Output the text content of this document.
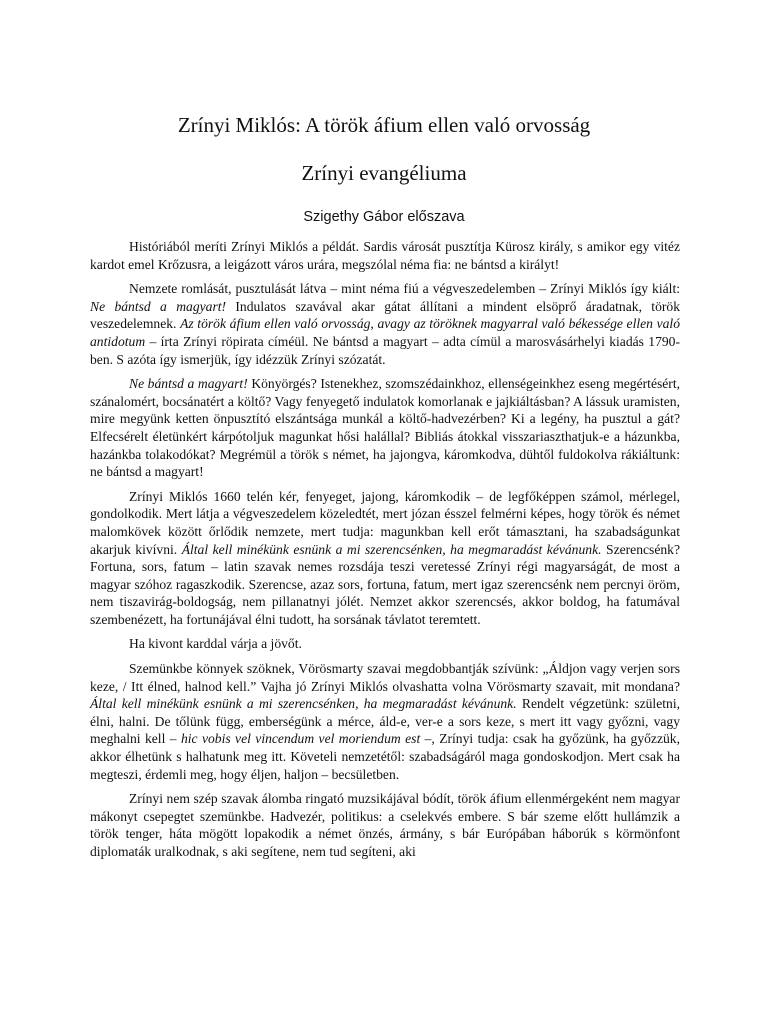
Zrínyi Miklós: A török áfium ellen való orvosság
Zrínyi evangéliuma
Szigethy Gábor előszava

Históriából meríti Zrínyi Miklós a példát. Sardis városát pusztítja Kürosz király, s amikor egy vitéz kardot emel Krőzusra, a leigázott város urára, megszólal néma fia: ne bántsd a királyt!

Nemzete romlását, pusztulását látva – mint néma fiú a végveszedelemben – Zrínyi Miklós így kiált: Ne bántsd a magyart! Indulatos szavával akar gátat állítani a mindent elsöprő áradatnak, török veszedelemnek. Az török áfium ellen való orvosság, avagy az töröknek magyarral való békessége ellen való antidotum – írta Zrínyi röpirata címéül. Ne bántsd a magyart – adta címül a marosvásárhelyi kiadás 1790-ben. S azóta így ismerjük, így idézzük Zrínyi szózatát.

Ne bántsd a magyart! Könyörgés? Istenekhez, szomszédainkhoz, ellenségeinkhez eseng megértésért, szánalomért, bocsánatért a költő? Vagy fenyegető indulatok komorlanak e jajkiáltásban? A lássuk uramisten, mire megyünk ketten önpusztító elszántsága munkál a költő-hadvezérben? Ki a legény, ha pusztul a gát? Elfecsérelt életünkért kárpótoljuk magunkat hősi halállal? Bibliás átokkal visszariaszthatjuk-e a házunkba, hazánkba tolakodókat? Megrémül a török s német, ha jajongva, káromkodva, dühtől fuldokolva rákiáltunk: ne bántsd a magyart!

Zrínyi Miklós 1660 telén kér, fenyeget, jajong, káromkodik – de legfőképpen számol, mérlegel, gondolkodik. Mert látja a végveszedelem közeledtét, mert józan ésszel felmérni képes, hogy török és német malomkövek között őrlődik nemzete, mert tudja: magunkban kell erőt támasztani, ha szabadságunkat akarjuk kivívni. Által kell minékünk esnünk a mi szerencsénken, ha megmaradást kévánunk. Szerencsénk? Fortuna, sors, fatum – latin szavak nemes rozsdája teszi veretessé Zrínyi régi magyarságát, de most a magyar szóhoz ragaszkodik. Szerencse, azaz sors, fortuna, fatum, mert igaz szerencsénk nem percnyi öröm, nem tiszavirág-boldogság, nem pillanatnyi jólét. Nemzet akkor szerencsés, akkor boldog, ha fatumával szembenézett, ha fortunájával élni tudott, ha sorsának távlatot teremtett.

Ha kivont karddal várja a jövőt.

Szemünkbe könnyek szöknek, Vörösmarty szavai megdobbantják szívünk: „Áldjon vagy verjen sors keze, / Itt élned, halnod kell.” Vajha jó Zrínyi Miklós olvashatta volna Vörösmarty szavait, mit mondana? Által kell minékünk esnünk a mi szerencsénken, ha megmaradást kévánunk. Rendelt végzetünk: születni, élni, halni. De tőlünk függ, emberségünk a mérce, áld-e, ver-e a sors keze, s mert itt vagy győzni, vagy meghalni kell – hic vobis vel vincendum vel moriendum est –, Zrínyi tudja: csak ha győzünk, ha győzzük, akkor élhetünk s halhatunk meg itt. Követeli nemzetétől: szabadságáról maga gondoskodjon. Mert csak ha megteszi, érdemli meg, hogy éljen, haljon – becsületben.

Zrínyi nem szép szavak álomba ringató muzsikájával bódít, török áfium ellenmérgeként nem magyar mákonyt csepegtet szemünkbe. Hadvezér, politikus: a cselekvés embere. S bár szeme előtt hullámzik a török tenger, háta mögött lopakodik a német önzés, ármány, s bár Európában háborúk s körmönfont diplomaták uralkodnak, s aki segítene, nem tud segíteni, aki
